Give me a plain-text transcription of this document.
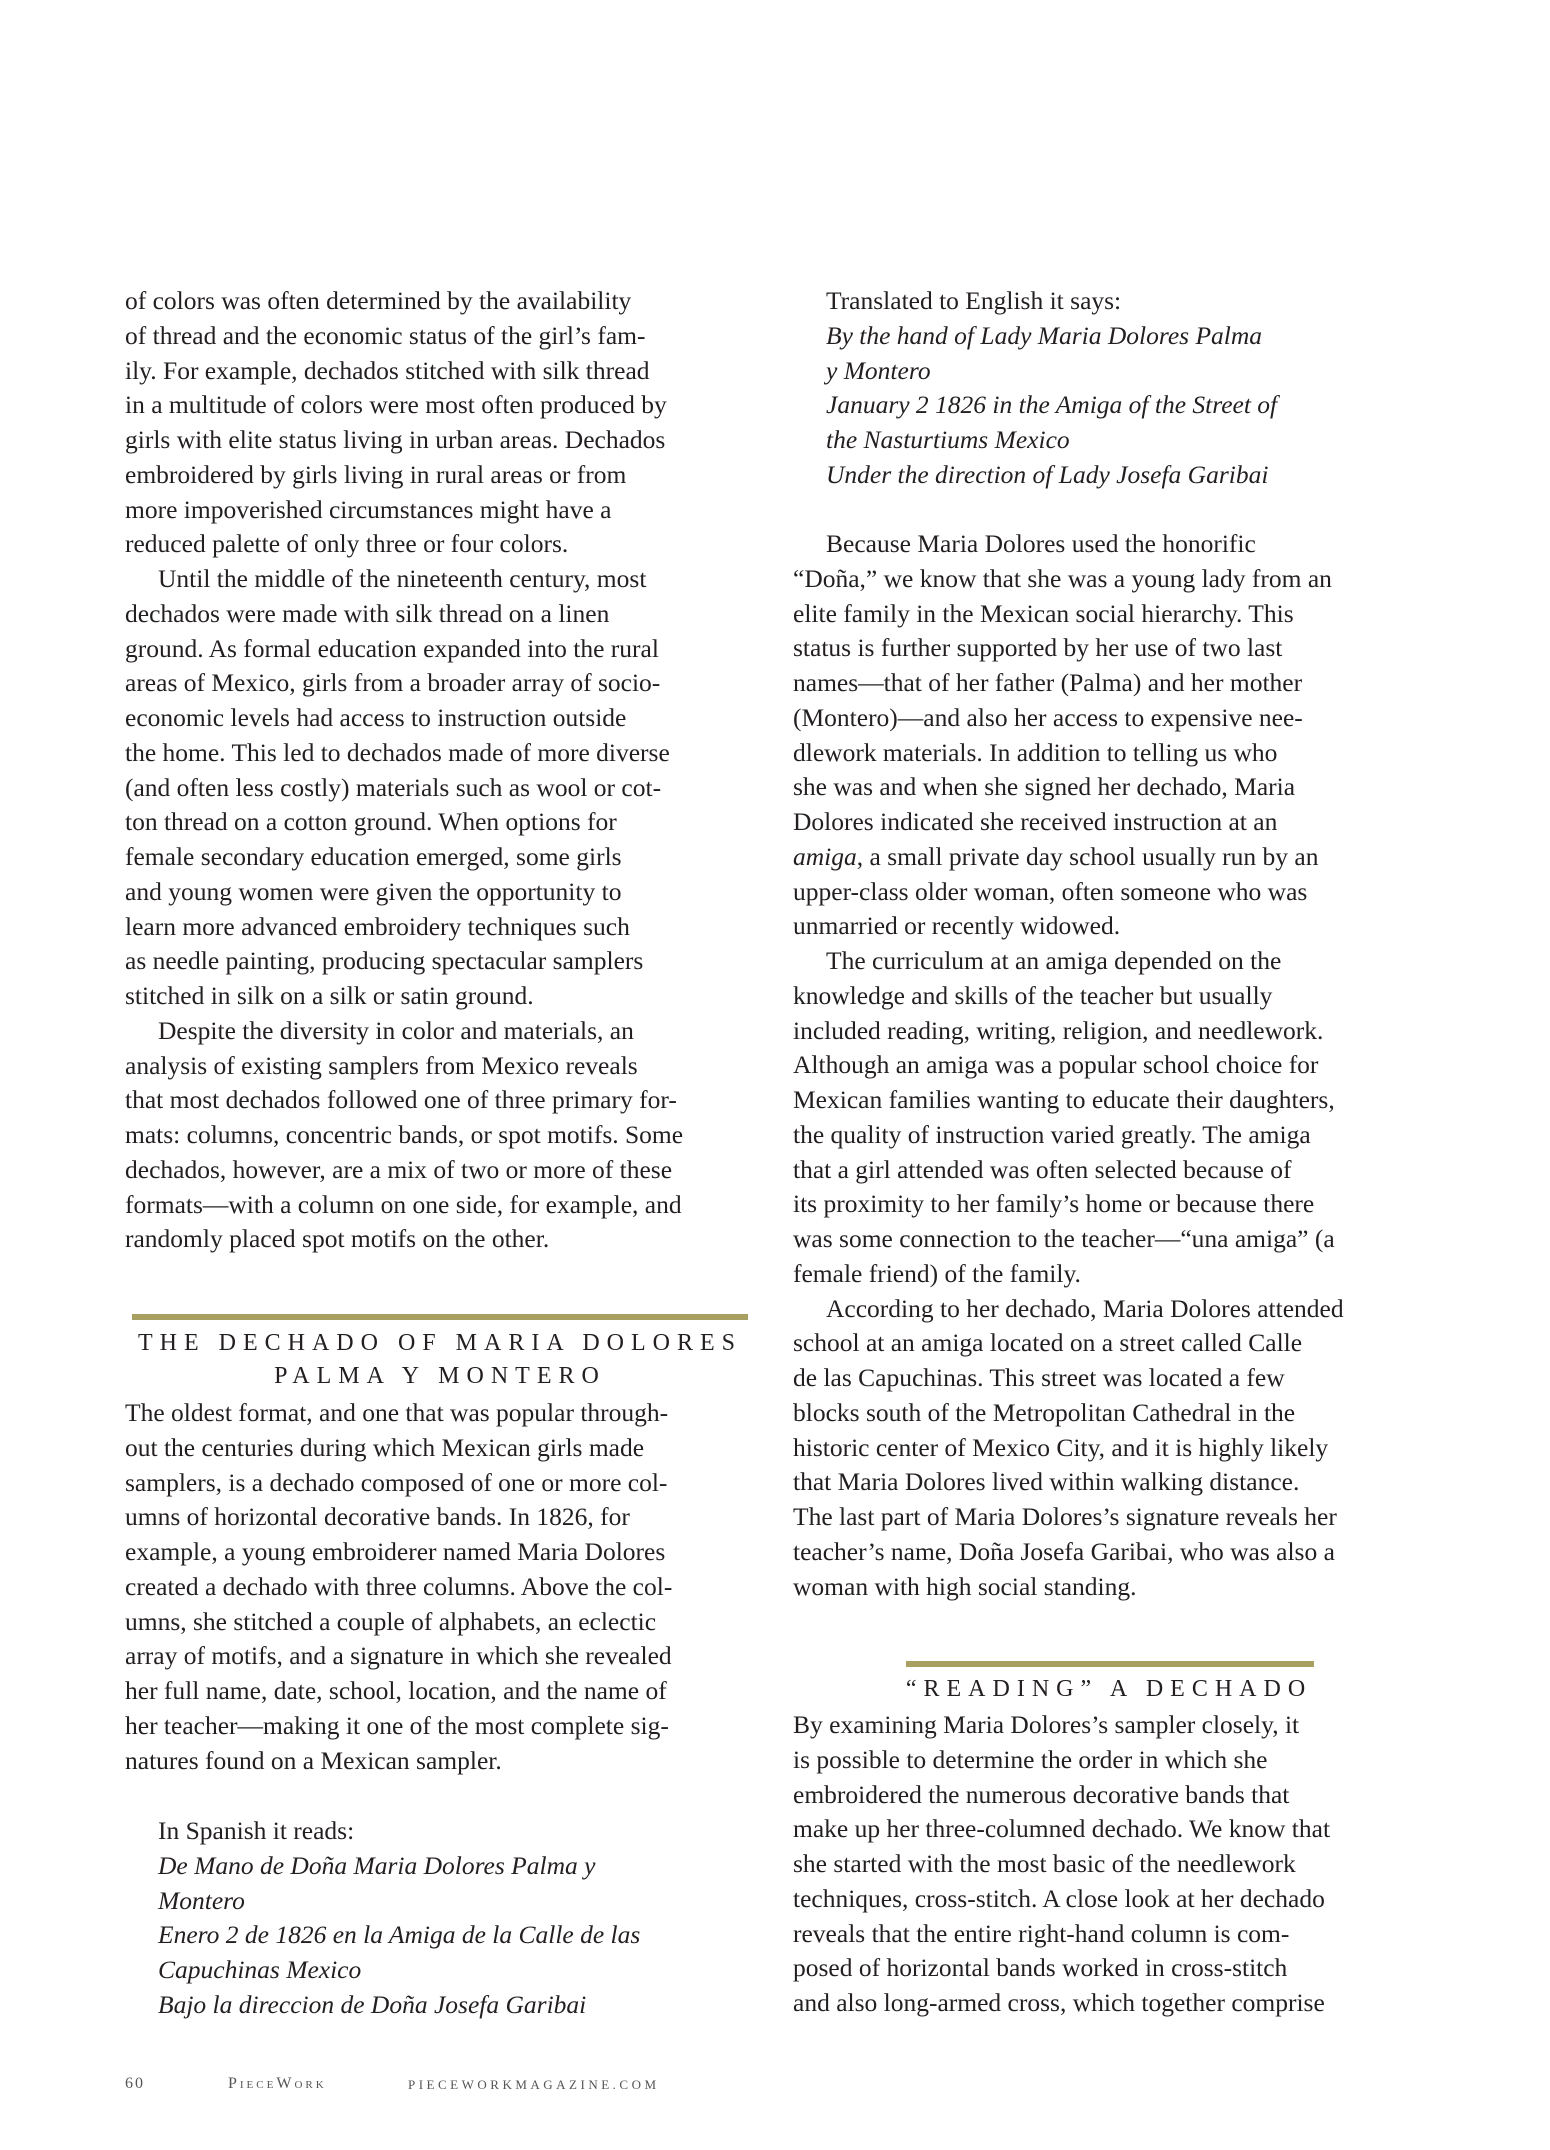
of colors was often determined by the availability
of thread and the economic status of the girl’s fam-
ily. For example, dechados stitched with silk thread
in a multitude of colors were most often produced by
girls with elite status living in urban areas. Dechados
embroidered by girls living in rural areas or from
more impoverished circumstances might have a
reduced palette of only three or four colors.
Until the middle of the nineteenth century, most
dechados were made with silk thread on a linen
ground. As formal education expanded into the rural
areas of Mexico, girls from a broader array of socio-
economic levels had access to instruction outside
the home. This led to dechados made of more diverse
(and often less costly) materials such as wool or cot-
ton thread on a cotton ground. When options for
female secondary education emerged, some girls
and young women were given the opportunity to
learn more advanced embroidery techniques such
as needle painting, producing spectacular samplers
stitched in silk on a silk or satin ground.
Despite the diversity in color and materials, an
analysis of existing samplers from Mexico reveals
that most dechados followed one of three primary for-
mats: columns, concentric bands, or spot motifs. Some
dechados, however, are a mix of two or more of these
formats—with a column on one side, for example, and
randomly placed spot motifs on the other.
THE DECHADO OF MARIA DOLORES
PALMA Y MONTERO
The oldest format, and one that was popular through-
out the centuries during which Mexican girls made
samplers, is a dechado composed of one or more col-
umns of horizontal decorative bands. In 1826, for
example, a young embroiderer named Maria Dolores
created a dechado with three columns. Above the col-
umns, she stitched a couple of alphabets, an eclectic
array of motifs, and a signature in which she revealed
her full name, date, school, location, and the name of
her teacher—making it one of the most complete sig-
natures found on a Mexican sampler.
In Spanish it reads:
De Mano de Doña Maria Dolores Palma y
Montero
Enero 2 de 1826 en la Amiga de la Calle de las
Capuchinas Mexico
Bajo la direccion de Doña Josefa Garibai
Translated to English it says:
By the hand of Lady Maria Dolores Palma
y Montero
January 2 1826 in the Amiga of the Street of
the Nasturtiums Mexico
Under the direction of Lady Josefa Garibai
Because Maria Dolores used the honorific
“Doña,” we know that she was a young lady from an
elite family in the Mexican social hierarchy. This
status is further supported by her use of two last
names—that of her father (Palma) and her mother
(Montero)—and also her access to expensive nee-
dlework materials. In addition to telling us who
she was and when she signed her dechado, Maria
Dolores indicated she received instruction at an
amiga, a small private day school usually run by an
upper-class older woman, often someone who was
unmarried or recently widowed.
The curriculum at an amiga depended on the
knowledge and skills of the teacher but usually
included reading, writing, religion, and needlework.
Although an amiga was a popular school choice for
Mexican families wanting to educate their daughters,
the quality of instruction varied greatly. The amiga
that a girl attended was often selected because of
its proximity to her family’s home or because there
was some connection to the teacher—“una amiga” (a
female friend) of the family.
According to her dechado, Maria Dolores attended
school at an amiga located on a street called Calle
de las Capuchinas. This street was located a few
blocks south of the Metropolitan Cathedral in the
historic center of Mexico City, and it is highly likely
that Maria Dolores lived within walking distance.
The last part of Maria Dolores’s signature reveals her
teacher’s name, Doña Josefa Garibai, who was also a
woman with high social standing.
“READING” A DECHADO
By examining Maria Dolores’s sampler closely, it
is possible to determine the order in which she
embroidered the numerous decorative bands that
make up her three-columned dechado. We know that
she started with the most basic of the needlework
techniques, cross-stitch. A close look at her dechado
reveals that the entire right-hand column is com-
posed of horizontal bands worked in cross-stitch
and also long-armed cross, which together comprise
60	PieceWork	PIECEWORKMAGAZINE.COM
